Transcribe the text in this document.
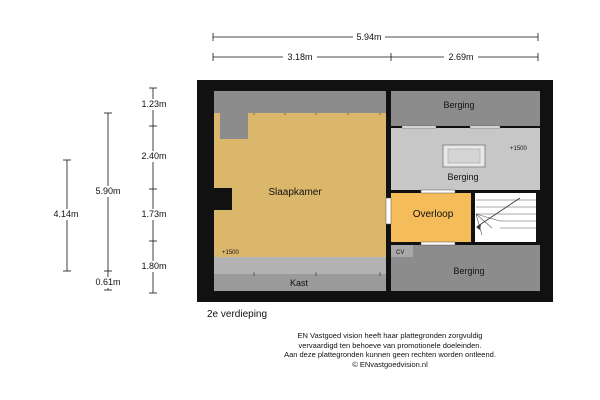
5.94m
3.18m	2.69m
1.23m
2.40m
1.73m
1.80m
5.90m
4.14m
0.61m
Berging
Berging
Slaapkamer
Overloop
Kast
Berging
CV
+1500
+1500
2e verdieping
EN Vastgoed vision heeft haar plattegronden zorgvuldig
vervaardigd ten behoeve van promotionele doeleinden.
Aan deze plattegronden kunnen geen rechten worden ontleend.
© ENvastgoedvision.nl
